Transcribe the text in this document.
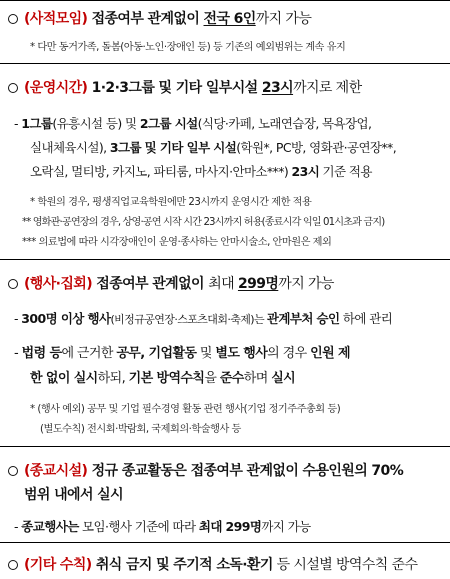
(사적모임) 접종여부 관계없이 전국 6인까지 가능
* 다만 동거가족, 돌봄(아동·노인·장애인 등) 등 기존의 예외범위는 계속 유지
(운영시간) 1·2·3그룹 및 기타 일부시설 23시까지로 제한
- 1그룹(유흥시설 등) 및 2그룹 시설(식당·카페, 노래연습장, 목욕장업,
실내체육시설), 3그룹 및 기타 일부 시설(학원*, PC방, 영화관·공연장**,
오락실, 멀티방, 카지노, 파티룸, 마사지·안마소***) 23시 기준 적용
* 학원의 경우, 평생직업교육학원에만 23시까지 운영시간 제한 적용
** 영화관·공연장의 경우, 상영·공연 시작 시간 23시까지 허용(종료시각 익일 01시초과 금지)
*** 의료법에 따라 시각장애인이 운영·종사하는 안마시술소, 안마원은 제외
(행사·집회) 접종여부 관계없이 최대 299명까지 가능
- 300명 이상 행사(비정규공연장·스포츠대회·축제)는 관계부처 승인 하에 관리
- 법령 등에 근거한 공무, 기업활동 및 별도 행사의 경우 인원 제
한 없이 실시하되, 기본 방역수칙을 준수하며 실시
* (행사 예외) 공무 및 기업 필수경영 활동 관련 행사(기업 정기주주총회 등)
(별도수칙) 전시회·박람회, 국제회의·학술행사 등
(종교시설) 정규 종교활동은 접종여부 관계없이 수용인원의 70%
범위 내에서 실시
- 종교행사는 모임·행사 기준에 따라 최대 299명까지 가능
(기타 수칙) 취식 금지 및 주기적 소독·환기 등 시설별 방역수칙 준수
